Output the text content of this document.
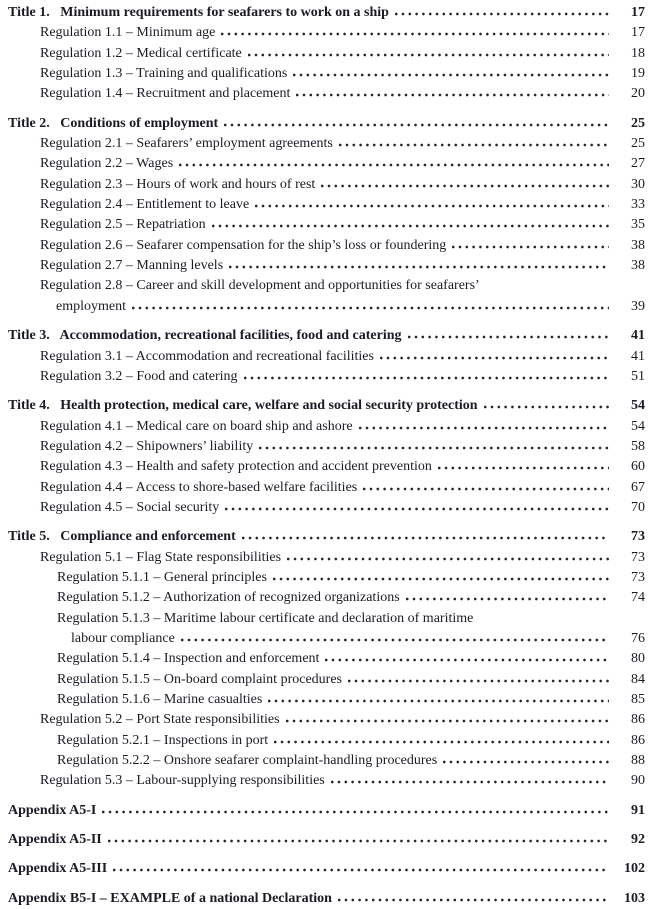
Title 1.  Minimum requirements for seafarers to work on a ship	17
Regulation 1.1 – Minimum age	17
Regulation 1.2 – Medical certificate	18
Regulation 1.3 – Training and qualifications	19
Regulation 1.4 – Recruitment and placement	20
Title 2.  Conditions of employment	25
Regulation 2.1 – Seafarers’ employment agreements	25
Regulation 2.2 – Wages	27
Regulation 2.3 – Hours of work and hours of rest	30
Regulation 2.4 – Entitlement to leave	33
Regulation 2.5 – Repatriation	35
Regulation 2.6 – Seafarer compensation for the ship’s loss or foundering	38
Regulation 2.7 – Manning levels	38
Regulation 2.8 – Career and skill development and opportunities for seafarers’
employment	39
Title 3.  Accommodation, recreational facilities, food and catering	41
Regulation 3.1 – Accommodation and recreational facilities	41
Regulation 3.2 – Food and catering	51
Title 4.  Health protection, medical care, welfare and social security protection	54
Regulation 4.1 – Medical care on board ship and ashore	54
Regulation 4.2 – Shipowners’ liability	58
Regulation 4.3 – Health and safety protection and accident prevention	60
Regulation 4.4 – Access to shore-based welfare facilities	67
Regulation 4.5 – Social security	70
Title 5.  Compliance and enforcement	73
Regulation 5.1 – Flag State responsibilities	73
Regulation 5.1.1 – General principles	73
Regulation 5.1.2 – Authorization of recognized organizations	74
Regulation 5.1.3 – Maritime labour certificate and declaration of maritime
labour compliance	76
Regulation 5.1.4 – Inspection and enforcement	80
Regulation 5.1.5 – On-board complaint procedures	84
Regulation 5.1.6 – Marine casualties	85
Regulation 5.2 – Port State responsibilities	86
Regulation 5.2.1 – Inspections in port	86
Regulation 5.2.2 – Onshore seafarer complaint-handling procedures	88
Regulation 5.3 – Labour-supplying responsibilities	90
Appendix A5-I	91
Appendix A5-II	92
Appendix A5-III	102
Appendix B5-I – EXAMPLE of a national Declaration	103
